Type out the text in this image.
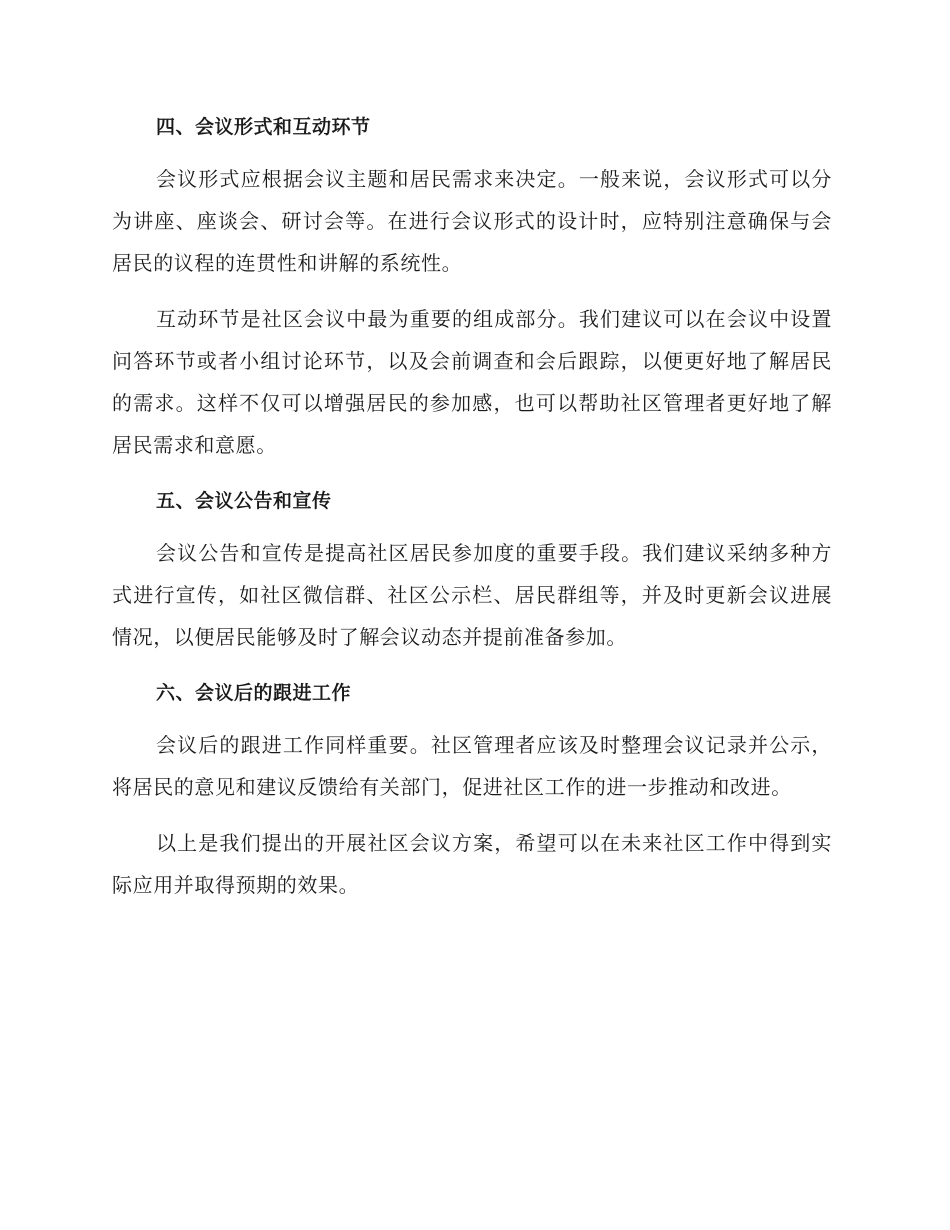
四、会议形式和互动环节

会议形式应根据会议主题和居民需求来决定。一般来说，会议形式可以分为讲座、座谈会、研讨会等。在进行会议形式的设计时，应特别注意确保与会居民的议程的连贯性和讲解的系统性。

互动环节是社区会议中最为重要的组成部分。我们建议可以在会议中设置问答环节或者小组讨论环节，以及会前调查和会后跟踪，以便更好地了解居民的需求。这样不仅可以增强居民的参加感，也可以帮助社区管理者更好地了解居民需求和意愿。

五、会议公告和宣传

会议公告和宣传是提高社区居民参加度的重要手段。我们建议采纳多种方式进行宣传，如社区微信群、社区公示栏、居民群组等，并及时更新会议进展情况，以便居民能够及时了解会议动态并提前准备参加。

六、会议后的跟进工作

会议后的跟进工作同样重要。社区管理者应该及时整理会议记录并公示，将居民的意见和建议反馈给有关部门，促进社区工作的进一步推动和改进。

以上是我们提出的开展社区会议方案，希望可以在未来社区工作中得到实际应用并取得预期的效果。
